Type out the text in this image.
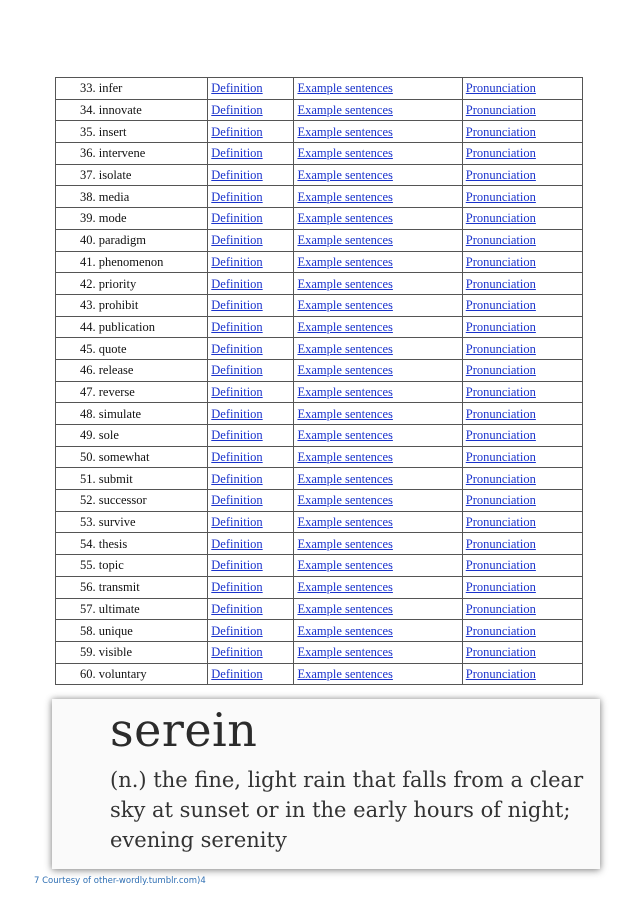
33. infer	Definition	Example sentences	Pronunciation
34. innovate	Definition	Example sentences	Pronunciation
35. insert	Definition	Example sentences	Pronunciation
36. intervene	Definition	Example sentences	Pronunciation
37. isolate	Definition	Example sentences	Pronunciation
38. media	Definition	Example sentences	Pronunciation
39. mode	Definition	Example sentences	Pronunciation
40. paradigm	Definition	Example sentences	Pronunciation
41. phenomenon	Definition	Example sentences	Pronunciation
42. priority	Definition	Example sentences	Pronunciation
43. prohibit	Definition	Example sentences	Pronunciation
44. publication	Definition	Example sentences	Pronunciation
45. quote	Definition	Example sentences	Pronunciation
46. release	Definition	Example sentences	Pronunciation
47. reverse	Definition	Example sentences	Pronunciation
48. simulate	Definition	Example sentences	Pronunciation
49. sole	Definition	Example sentences	Pronunciation
50. somewhat	Definition	Example sentences	Pronunciation
51. submit	Definition	Example sentences	Pronunciation
52. successor	Definition	Example sentences	Pronunciation
53. survive	Definition	Example sentences	Pronunciation
54. thesis	Definition	Example sentences	Pronunciation
55. topic	Definition	Example sentences	Pronunciation
56. transmit	Definition	Example sentences	Pronunciation
57. ultimate	Definition	Example sentences	Pronunciation
58. unique	Definition	Example sentences	Pronunciation
59. visible	Definition	Example sentences	Pronunciation
60. voluntary	Definition	Example sentences	Pronunciation
serein
(n.) the fine, light rain that falls from a clear sky at sunset or in the early hours of night; evening serenity
7 Courtesy of other-wordly.tumblr.com)4
